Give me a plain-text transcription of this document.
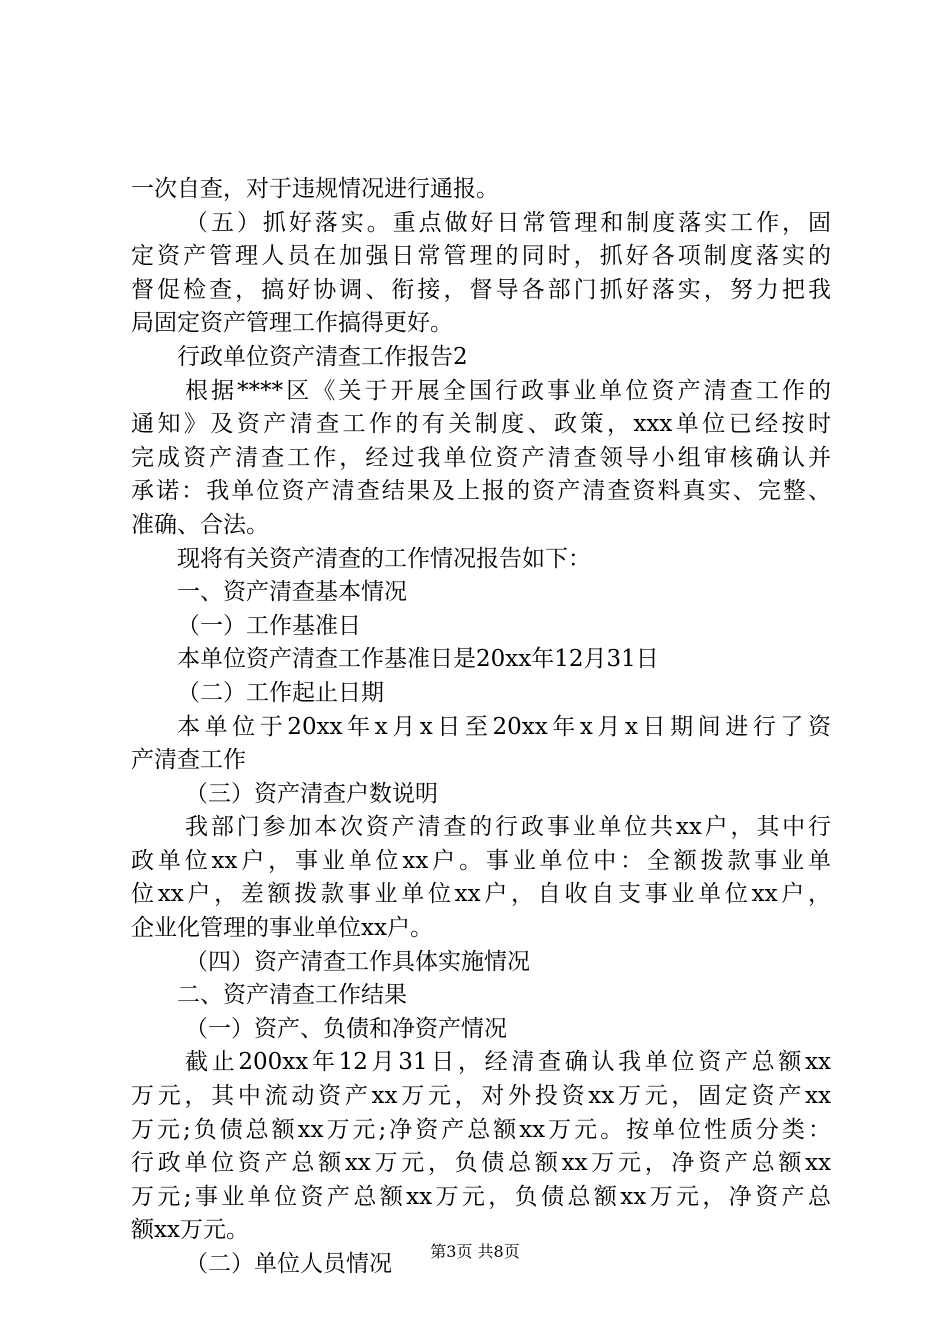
一次自查，对于违规情况进行通报。
（五）抓好落实。重点做好日常管理和制度落实工作，固
定资产管理人员在加强日常管理的同时，抓好各项制度落实的
督促检查，搞好协调、衔接，督导各部门抓好落实，努力把我
局固定资产管理工作搞得更好。
行政单位资产清查工作报告2
根据****区《关于开展全国行政事业单位资产清查工作的
通知》及资产清查工作的有关制度、政策，xxx单位已经按时
完成资产清查工作，经过我单位资产清查领导小组审核确认并
承诺：我单位资产清查结果及上报的资产清查资料真实、完整、
准确、合法。
现将有关资产清查的工作情况报告如下：
一、资产清查基本情况
（一）工作基准日
本单位资产清查工作基准日是20xx年12月31日
（二）工作起止日期
本单位于20xx年x月x日至20xx年x月x日期间进行了资
产清查工作
（三）资产清查户数说明
我部门参加本次资产清查的行政事业单位共xx户，其中行
政单位xx户，事业单位xx户。事业单位中：全额拨款事业单
位xx户，差额拨款事业单位xx户，自收自支事业单位xx户，
企业化管理的事业单位xx户。
（四）资产清查工作具体实施情况
二、资产清查工作结果
（一）资产、负债和净资产情况
截止200xx年12月31日，经清查确认我单位资产总额xx
万元，其中流动资产xx万元，对外投资xx万元，固定资产xx
万元;负债总额xx万元;净资产总额xx万元。按单位性质分类：
行政单位资产总额xx万元，负债总额xx万元，净资产总额xx
万元;事业单位资产总额xx万元，负债总额xx万元，净资产总
额xx万元。
（二）单位人员情况	第3页 共8页
